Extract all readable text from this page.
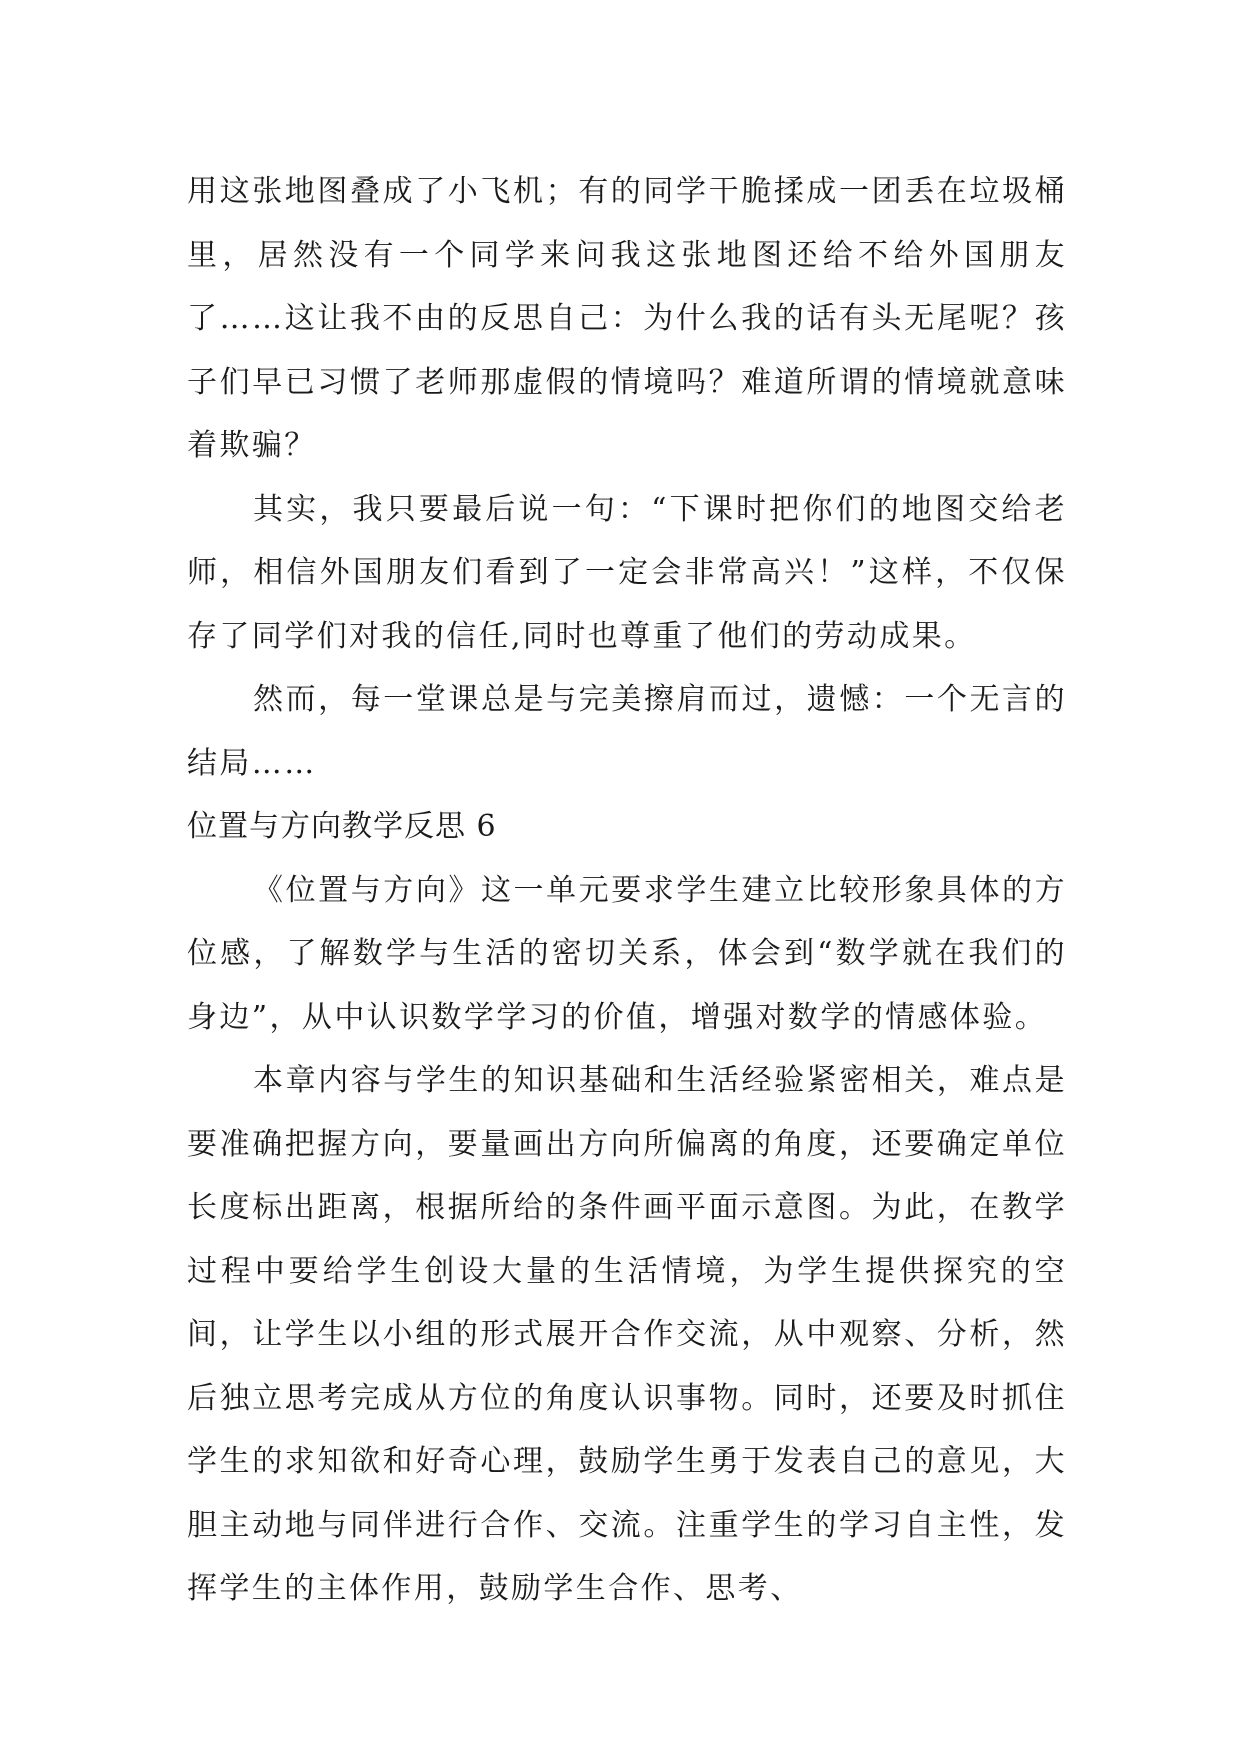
用这张地图叠成了小飞机；有的同学干脆揉成一团丢在垃圾桶里，居然没有一个同学来问我这张地图还给不给外国朋友了……这让我不由的反思自己：为什么我的话有头无尾呢？孩子们早已习惯了老师那虚假的情境吗？难道所谓的情境就意味着欺骗？

其实，我只要最后说一句：“下课时把你们的地图交给老师，相信外国朋友们看到了一定会非常高兴！”这样，不仅保存了同学们对我的信任,同时也尊重了他们的劳动成果。

然而，每一堂课总是与完美擦肩而过，遗憾：一个无言的结局……

位置与方向教学反思 6

《位置与方向》这一单元要求学生建立比较形象具体的方位感，了解数学与生活的密切关系，体会到“数学就在我们的身边”，从中认识数学学习的价值，增强对数学的情感体验。

本章内容与学生的知识基础和生活经验紧密相关，难点是要准确把握方向，要量画出方向所偏离的角度，还要确定单位长度标出距离，根据所给的条件画平面示意图。为此，在教学过程中要给学生创设大量的生活情境，为学生提供探究的空间，让学生以小组的形式展开合作交流，从中观察、分析，然后独立思考完成从方位的角度认识事物。同时，还要及时抓住学生的求知欲和好奇心理，鼓励学生勇于发表自己的意见，大胆主动地与同伴进行合作、交流。注重学生的学习自主性，发挥学生的主体作用，鼓励学生合作、思考、
